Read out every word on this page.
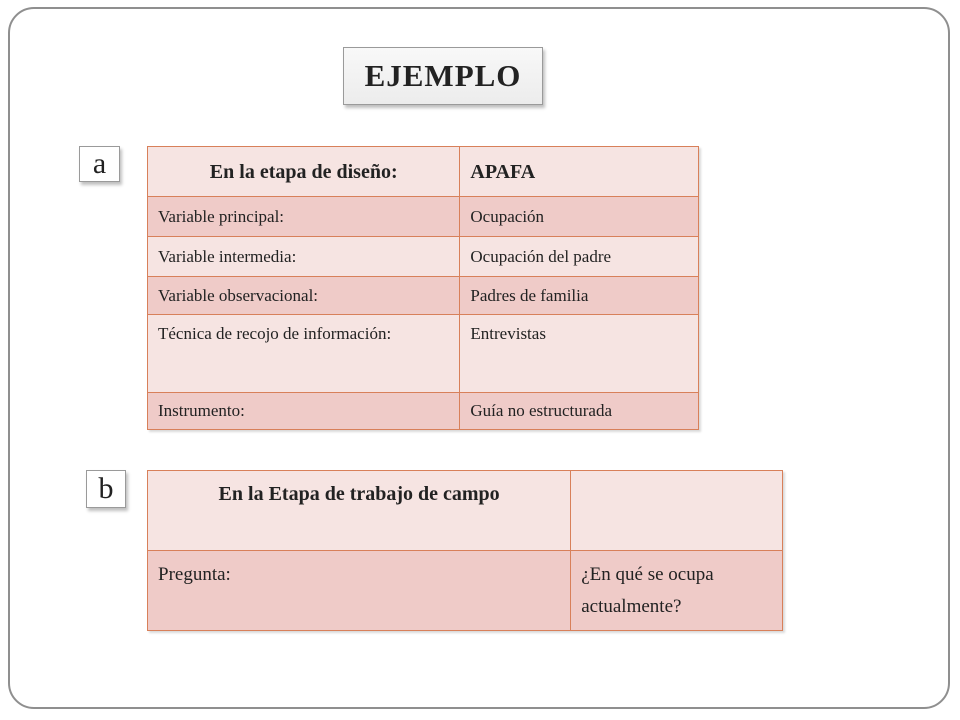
EJEMPLO
a	En la etapa de diseño:	APAFA
Variable principal:	Ocupación
Variable intermedia:	Ocupación del padre
Variable observacional:	Padres de familia
Técnica de recojo de información:	Entrevistas
Instrumento:	Guía no estructurada
b	En la Etapa de trabajo de campo	
Pregunta:	¿En qué se ocupa actualmente?
